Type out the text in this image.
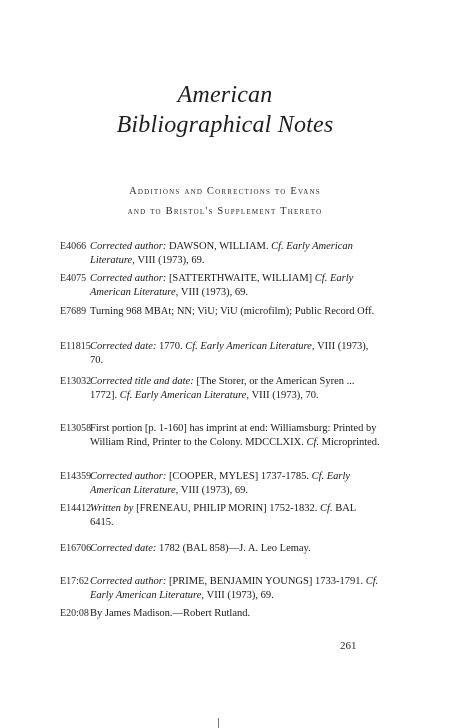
American
Bibliographical Notes
Additions and Corrections to Evans
and to Bristol's Supplement Thereto
E4066 Corrected author: DAWSON, WILLIAM. Cf. Early American Literature, VIII (1973), 69.
E4075 Corrected author: [SATTERTHWAITE, WILLIAM] Cf. Early American Literature, VIII (1973), 69.
E7689 Turning 968 MBAt; NN; ViU; ViU (microfilm); Public Record Off.
E11815 Corrected date: 1770. Cf. Early American Literature, VIII (1973), 70.
E13032
Corrected title and date: [The Storer, or the American Syren ... 1772]. Cf. Early American Literature, VIII (1973), 70.
E13058
First portion [p. 1-160] has imprint at end: Williamsburg: Printed by William Rind, Printer to the Colony. MDCCLXIX. Cf. Microprinted.
E14359
Corrected author: [COOPER, MYLES] 1737-1785. Cf. Early American Literature, VIII (1973), 69.
E14412
Written by [FRENEAU, PHILIP MORIN] 1752-1832. Cf. BAL 6415.
E16706
Corrected date: 1782 (BAL 858)—J. A. Leo Lemay.
E17:62 Corrected author: [PRIME, BENJAMIN YOUNGS] 1733-1791. Cf. Early American Literature, VIII (1973), 69.
E20:08 By James Madison.—Robert Rutland.
261
